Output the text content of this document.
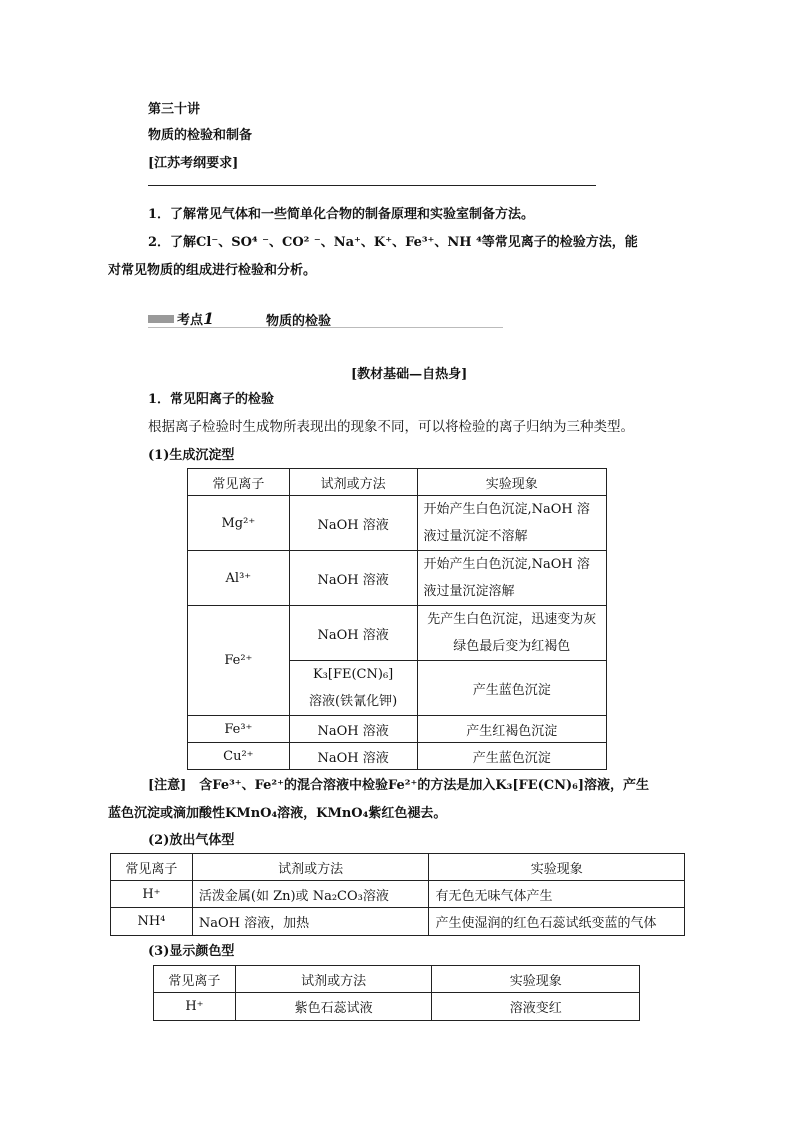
第三十讲
物质的检验和制备
[江苏考纲要求]
1．了解常见气体和一些简单化合物的制备原理和实验室制备方法。
2．了解Cl⁻、SO⁴ ⁻、CO² ⁻、Na⁺、K⁺、Fe³⁺、NH ⁴等常见离子的检验方法，能
对常见物质的组成进行检验和分析。
考点1	物质的检验
[教材基础—自热身]
1．常见阳离子的检验
根据离子检验时生成物所表现出的现象不同，可以将检验的离子归纳为三种类型。
(1)生成沉淀型
常见离子	试剂或方法	实验现象
Mg²⁺	NaOH 溶液	开始产生白色沉淀,NaOH 溶
液过量沉淀不溶解
Al³⁺	NaOH 溶液	开始产生白色沉淀,NaOH 溶
液过量沉淀溶解
Fe²⁺	NaOH 溶液	先产生白色沉淀，迅速变为灰
绿色最后变为红褐色
	K₃[FE(CN)₆]
溶液(铁氰化钾)	产生蓝色沉淀
Fe³⁺	NaOH 溶液	产生红褐色沉淀
Cu²⁺	NaOH 溶液	产生蓝色沉淀
[注意]　含Fe³⁺、Fe²⁺的混合溶液中检验Fe²⁺的方法是加入K₃[FE(CN)₆]溶液，产生
蓝色沉淀或滴加酸性KMnO₄溶液，KMnO₄紫红色褪去。
(2)放出气体型
常见离子	试剂或方法	实验现象
H⁺	活泼金属(如 Zn)或 Na₂CO₃溶液	有无色无味气体产生
NH⁴	NaOH 溶液，加热	产生使湿润的红色石蕊试纸变蓝的气体
(3)显示颜色型
常见离子	试剂或方法	实验现象
H⁺	紫色石蕊试液	溶液变红
